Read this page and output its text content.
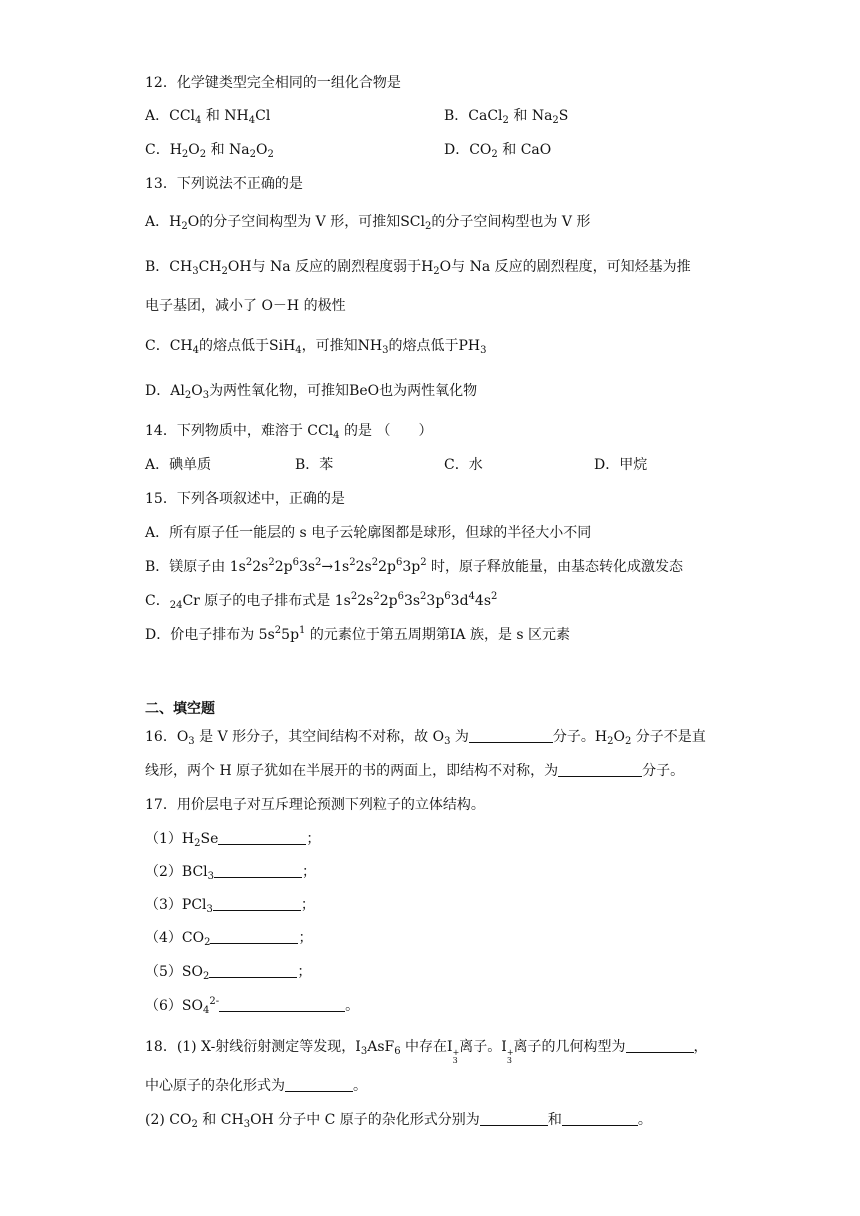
12．化学键类型完全相同的一组化合物是
A．CCl$_4$ 和 $NH_4Cl$	B．CaCl$_2$ 和 $Na_2S$
C．$H_2O_2$ 和 $Na_2O_2$	D．$CO_2$ 和 CaO
13．下列说法不正确的是
A．$H_2O$的分子空间构型为 V 形，可推知SCl$_2$的分子空间构型也为 V 形
B．$CH_3CH_2OH$与 Na 反应的剧烈程度弱于$H_2O$与 Na 反应的剧烈程度，可知烃基为推
电子基团，减小了 O－H 的极性
C．$CH_4$的熔点低于SiH$_4$，可推知$NH_3$的熔点低于$PH_3$
D．$Al_2O_3$为两性氧化物，可推知BeO也为两性氧化物
14．下列物质中，难溶于 CCl$_4$ 的是 （　　）
A．碘单质	B．苯	C．水	D．甲烷
15．下列各项叙述中，正确的是
A．所有原子任一能层的 s 电子云轮廓图都是球形，但球的半径大小不同
B．镁原子由 $1s^22s^22p^63s^2\to 1s^22s^22p^63p^2$ 时，原子释放能量，由基态转化成激发态
C．$_{24}$Cr 原子的电子排布式是 $1s^22s^22p^63s^23p^63d^44s^2$
D．价电子排布为 $5s^25p^1$ 的元素位于第五周期第ⅠA 族，是 s 区元素
二、填空题
16．$O_3$ 是 V 形分子，其空间结构不对称，故 $O_3$ 为	分子。$H_2O_2$ 分子不是直
线形，两个 H 原子犹如在半展开的书的两面上，即结构不对称，为	分子。
17．用价层电子对互斥理论预测下列粒子的立体结构。
$(1)H_2Se$	；
（2）BCl$_3$	；
（3）PCl$_3$	；
$(4)CO_2$	；
$(5)SO_2$	；
$(6)SO_4^{2-}$	。
18．(1) X-射线衍射测定等发现，$I_3AsF_6$ 中存在I +
3
离子。I +
3
离子的几何构型为	，
中心原子的杂化形式为	。
(2) $CO_2$ 和 $CH_3OH$ 分子中 C 原子的杂化形式分别为	和	。
